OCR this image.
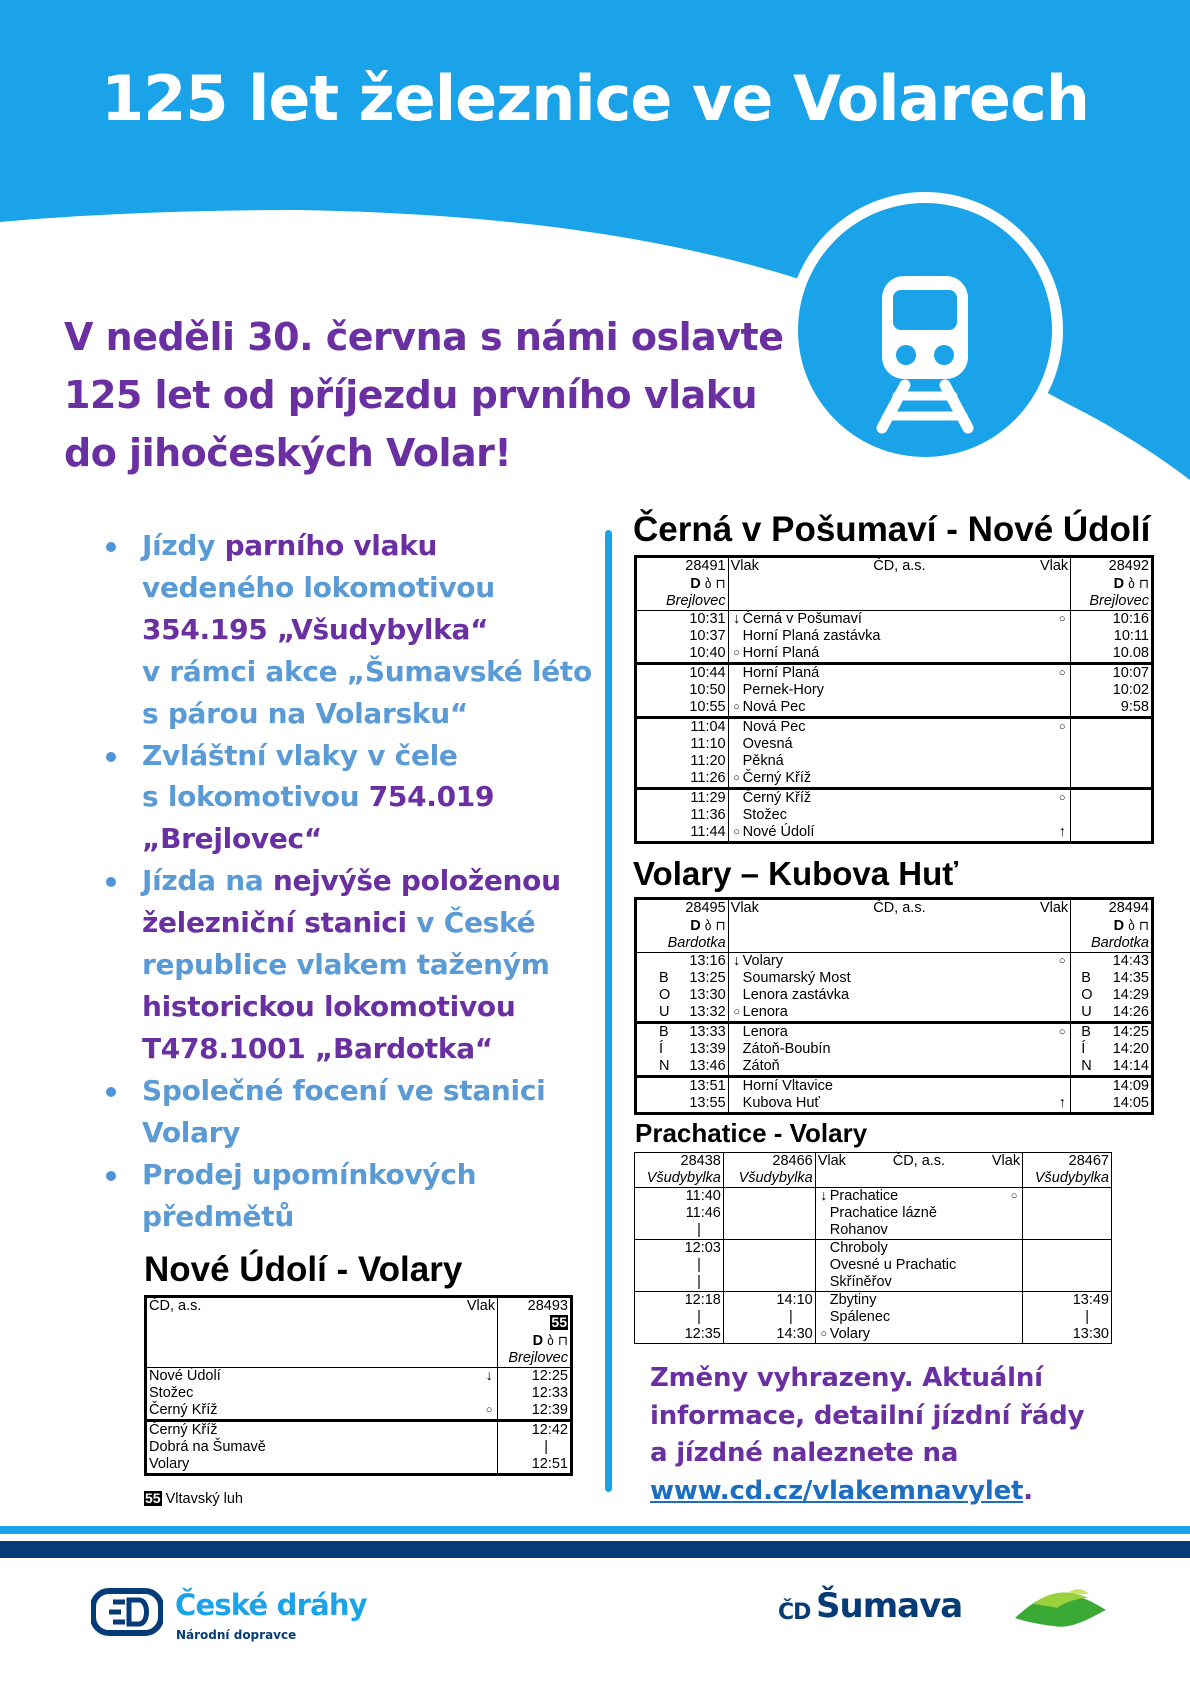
125 let železnice ve Volarech
V neděli 30. června s námi oslavte
125 let od příjezdu prvního vlaku
do jihočeských Volar!
Jízdy parního vlaku
vedeného lokomotivou
354.195 „Všudybylka“
v rámci akce „Šumavské léto
s párou na Volarsku“
Zvláštní vlaky v čele
s lokomotivou 754.019
„Brejlovec“
Jízda na nejvýše položenou
železniční stanici v České
republice vlakem taženým
historickou lokomotivou
T478.1001 „Bardotka“
Společné focení ve stanici
Volary
Prodej upomínkových
předmětů
Černá v Pošumaví - Nové Údolí
28491	Vlak ČD, a.s. Vlak	28492
D ბ ⊓		D ბ ⊓
Brejlovec		Brejlovec
10:31	↓ Černá v Pošumaví ○	10:16
10:37	Horní Planá zastávka	10:11
10:40	○ Horní Planá	10.08
10:44	Horní Planá ○	10:07
10:50	Pernek-Hory	10:02
10:55	○ Nová Pec	9:58
11:04	Nová Pec ○	

11:10	Ovesná	

11:20	Pěkná	

11:26	○ Černý Kříž	

11:29	Černý Kříž ○	

11:36	Stožec	

11:44	○ Nové Údolí ↑	

Volary – Kubova Huť
28495	Vlak ČD, a.s. Vlak	28494
D ბ ⊓		D ბ ⊓
Bardotka		Bardotka

13:16	↓ Volary ○	14:43

B 13:25	Soumarský Most	B 14:35

O 13:30	Lenora zastávka	O 14:29

U 13:32	○ Lenora	U 14:26

B 13:33	Lenora ○	B 14:25

Í 13:39	Zátoň-Boubín	Í 14:20

N 13:46	Zátoň	N 14:14

13:51	Horní Vltavice	14:09

13:55	Kubova Huť ↑	14:05
Prachatice - Volary
28438	28466	Vlak ČD, a.s. Vlak	28467
Všudybylka	Všudybylka		Všudybylka
11:40		↓ Prachatice ○	

11:46		Prachatice lázně	

|		Rohanov	

12:03		Chroboly	

|		Ovesné u Prachatic	

|		Skříněřov	

12:18	14:10	Zbytiny	13:49
|	|	Spálenec	|
12:35	14:30	○ Volary	13:30
Nové Údolí - Volary
ČD, a.s. Vlak	28493
	55
	D ბ ⊓
	Brejlovec

Nové Údolí ↓	12:25

Stožec	12:33

Černý Kříž ○	12:39

Černý Kříž	12:42

Dobrá na Šumavě	|

Volary	12:51
55 Vltavský luh
Změny vyhrazeny. Aktuální
informace, detailní jízdní řády
a jízdné naleznete na
www.cd.cz/vlakemnavylet.
České dráhy
Národní dopravce
ČD Šumava
